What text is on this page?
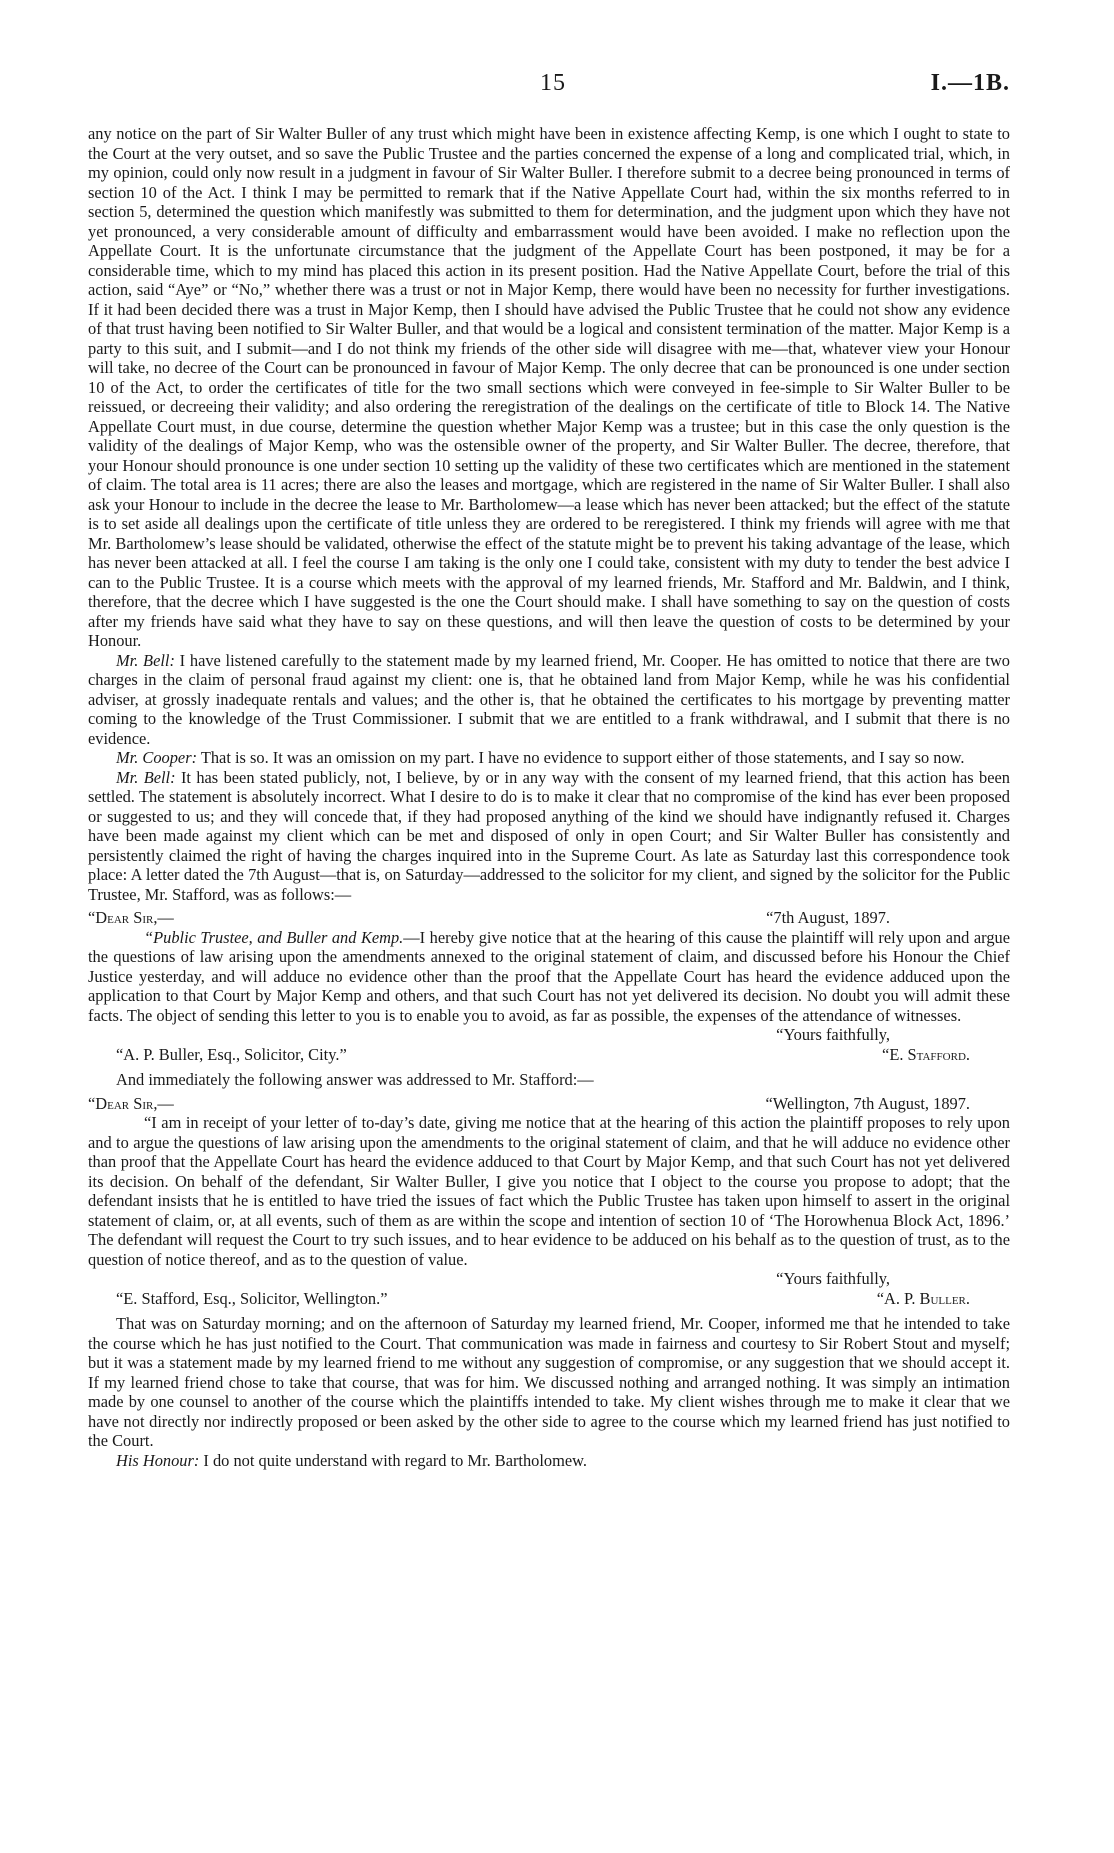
15	I.—1B.

any notice on the part of Sir Walter Buller of any trust which might have been in existence affecting Kemp, is one which I ought to state to the Court at the very outset, and so save the Public Trustee and the parties concerned the expense of a long and complicated trial, which, in my opinion, could only now result in a judgment in favour of Sir Walter Buller. I therefore submit to a decree being pronounced in terms of section 10 of the Act. I think I may be permitted to remark that if the Native Appellate Court had, within the six months referred to in section 5, determined the question which manifestly was submitted to them for determination, and the judgment upon which they have not yet pronounced, a very considerable amount of difficulty and embarrassment would have been avoided. I make no reflection upon the Appellate Court. It is the unfortunate circumstance that the judgment of the Appellate Court has been postponed, it may be for a considerable time, which to my mind has placed this action in its present position. Had the Native Appellate Court, before the trial of this action, said “Aye” or “No,” whether there was a trust or not in Major Kemp, there would have been no necessity for further investigations. If it had been decided there was a trust in Major Kemp, then I should have advised the Public Trustee that he could not show any evidence of that trust having been notified to Sir Walter Buller, and that would be a logical and consistent termination of the matter. Major Kemp is a party to this suit, and I submit—and I do not think my friends of the other side will disagree with me—that, whatever view your Honour will take, no decree of the Court can be pronounced in favour of Major Kemp. The only decree that can be pronounced is one under section 10 of the Act, to order the certificates of title for the two small sections which were conveyed in fee-simple to Sir Walter Buller to be reissued, or decreeing their validity; and also ordering the reregistration of the dealings on the certificate of title to Block 14. The Native Appellate Court must, in due course, determine the question whether Major Kemp was a trustee; but in this case the only question is the validity of the dealings of Major Kemp, who was the ostensible owner of the property, and Sir Walter Buller. The decree, therefore, that your Honour should pronounce is one under section 10 setting up the validity of these two certificates which are mentioned in the statement of claim. The total area is 11 acres; there are also the leases and mortgage, which are registered in the name of Sir Walter Buller. I shall also ask your Honour to include in the decree the lease to Mr. Bartholomew—a lease which has never been attacked; but the effect of the statute is to set aside all dealings upon the certificate of title unless they are ordered to be reregistered. I think my friends will agree with me that Mr. Bartholomew’s lease should be validated, otherwise the effect of the statute might be to prevent his taking advantage of the lease, which has never been attacked at all. I feel the course I am taking is the only one I could take, consistent with my duty to tender the best advice I can to the Public Trustee. It is a course which meets with the approval of my learned friends, Mr. Stafford and Mr. Baldwin, and I think, therefore, that the decree which I have suggested is the one the Court should make. I shall have something to say on the question of costs after my friends have said what they have to say on these questions, and will then leave the question of costs to be determined by your Honour.

Mr. Bell: I have listened carefully to the statement made by my learned friend, Mr. Cooper. He has omitted to notice that there are two charges in the claim of personal fraud against my client: one is, that he obtained land from Major Kemp, while he was his confidential adviser, at grossly inadequate rentals and values; and the other is, that he obtained the certificates to his mortgage by preventing matter coming to the knowledge of the Trust Commissioner. I submit that we are entitled to a frank withdrawal, and I submit that there is no evidence.

Mr. Cooper: That is so. It was an omission on my part. I have no evidence to support either of those statements, and I say so now.

Mr. Bell: It has been stated publicly, not, I believe, by or in any way with the consent of my learned friend, that this action has been settled. The statement is absolutely incorrect. What I desire to do is to make it clear that no compromise of the kind has ever been proposed or suggested to us; and they will concede that, if they had proposed anything of the kind we should have indignantly refused it. Charges have been made against my client which can be met and disposed of only in open Court; and Sir Walter Buller has consistently and persistently claimed the right of having the charges inquired into in the Supreme Court. As late as Saturday last this correspondence took place: A letter dated the 7th August—that is, on Saturday—addressed to the solicitor for my client, and signed by the solicitor for the Public Trustee, Mr. Stafford, was as follows:—

“Dear Sir,—	“7th August, 1897.

“Public Trustee, and Buller and Kemp.—I hereby give notice that at the hearing of this cause the plaintiff will rely upon and argue the questions of law arising upon the amendments annexed to the original statement of claim, and discussed before his Honour the Chief Justice yesterday, and will adduce no evidence other than the proof that the Appellate Court has heard the evidence adduced upon the application to that Court by Major Kemp and others, and that such Court has not yet delivered its decision. No doubt you will admit these facts. The object of sending this letter to you is to enable you to avoid, as far as possible, the expenses of the attendance of witnesses.

“Yours faithfully,

“A. P. Buller, Esq., Solicitor, City.”	“E. Stafford.

And immediately the following answer was addressed to Mr. Stafford:—

“Dear Sir,—	“Wellington, 7th August, 1897.

“I am in receipt of your letter of to-day’s date, giving me notice that at the hearing of this action the plaintiff proposes to rely upon and to argue the questions of law arising upon the amendments to the original statement of claim, and that he will adduce no evidence other than proof that the Appellate Court has heard the evidence adduced to that Court by Major Kemp, and that such Court has not yet delivered its decision. On behalf of the defendant, Sir Walter Buller, I give you notice that I object to the course you propose to adopt; that the defendant insists that he is entitled to have tried the issues of fact which the Public Trustee has taken upon himself to assert in the original statement of claim, or, at all events, such of them as are within the scope and intention of section 10 of ‘The Horowhenua Block Act, 1896.’ The defendant will request the Court to try such issues, and to hear evidence to be adduced on his behalf as to the question of trust, as to the question of notice thereof, and as to the question of value.

“Yours faithfully,

“E. Stafford, Esq., Solicitor, Wellington.”	“A. P. Buller.

That was on Saturday morning; and on the afternoon of Saturday my learned friend, Mr. Cooper, informed me that he intended to take the course which he has just notified to the Court. That communication was made in fairness and courtesy to Sir Robert Stout and myself; but it was a statement made by my learned friend to me without any suggestion of compromise, or any suggestion that we should accept it. If my learned friend chose to take that course, that was for him. We discussed nothing and arranged nothing. It was simply an intimation made by one counsel to another of the course which the plaintiffs intended to take. My client wishes through me to make it clear that we have not directly nor indirectly proposed or been asked by the other side to agree to the course which my learned friend has just notified to the Court.

His Honour: I do not quite understand with regard to Mr. Bartholomew.
